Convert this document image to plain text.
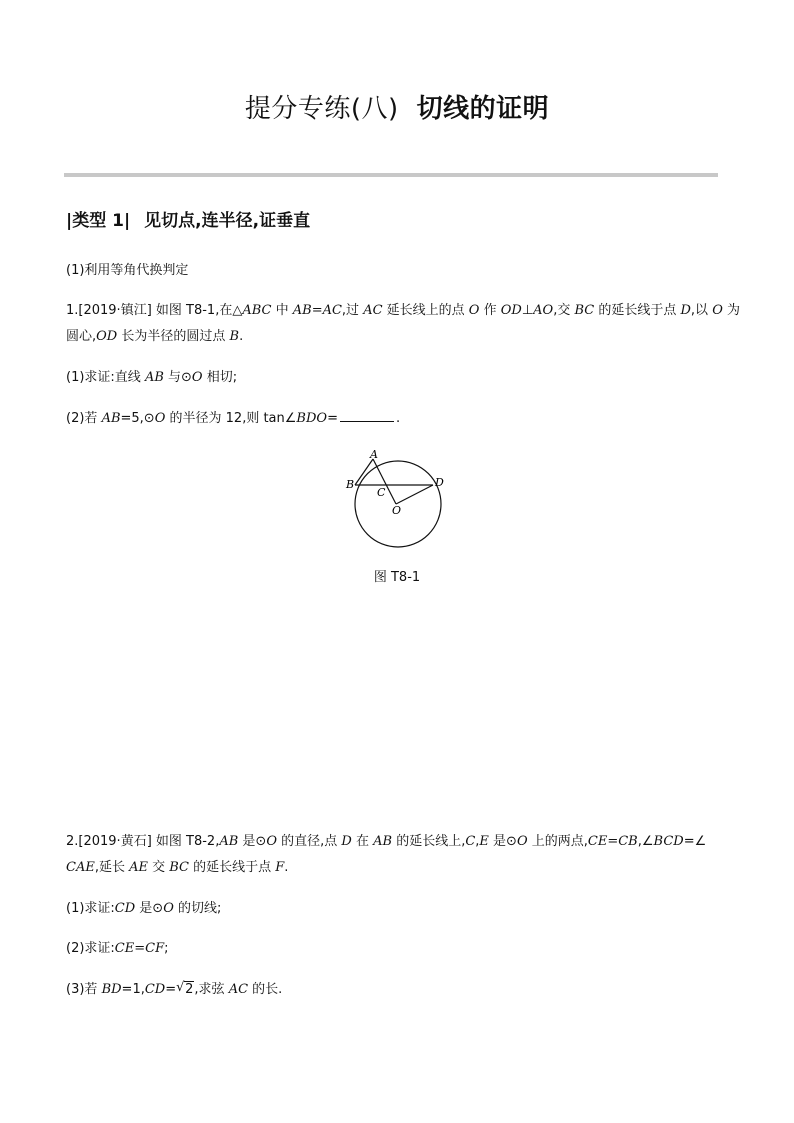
提分专练(八) 切线的证明
|类型 1| 见切点,连半径,证垂直
(1)利用等角代换判定
1.[2019·镇江] 如图 T8-1,在△ABC 中 AB=AC,过 AC 延长线上的点 O 作 OD⊥AO,交 BC 的延长线于点 D,以 O 为
圆心,OD 长为半径的圆过点 B.
(1)求证:直线 AB 与⊙O 相切;
(2)若 AB=5,⊙O 的半径为 12,则 tan∠BDO=	.
A
B
C
D
O
图 T8-1
2.[2019·黄石] 如图 T8-2,AB 是⊙O 的直径,点 D 在 AB 的延长线上,C,E 是⊙O 上的两点,CE=CB,∠BCD=∠
CAE,延长 AE 交 BC 的延长线于点 F.
(1)求证:CD 是⊙O 的切线;
(2)求证:CE=CF;
(3)若 BD=1,CD= √ 2,求弦 AC 的长.
